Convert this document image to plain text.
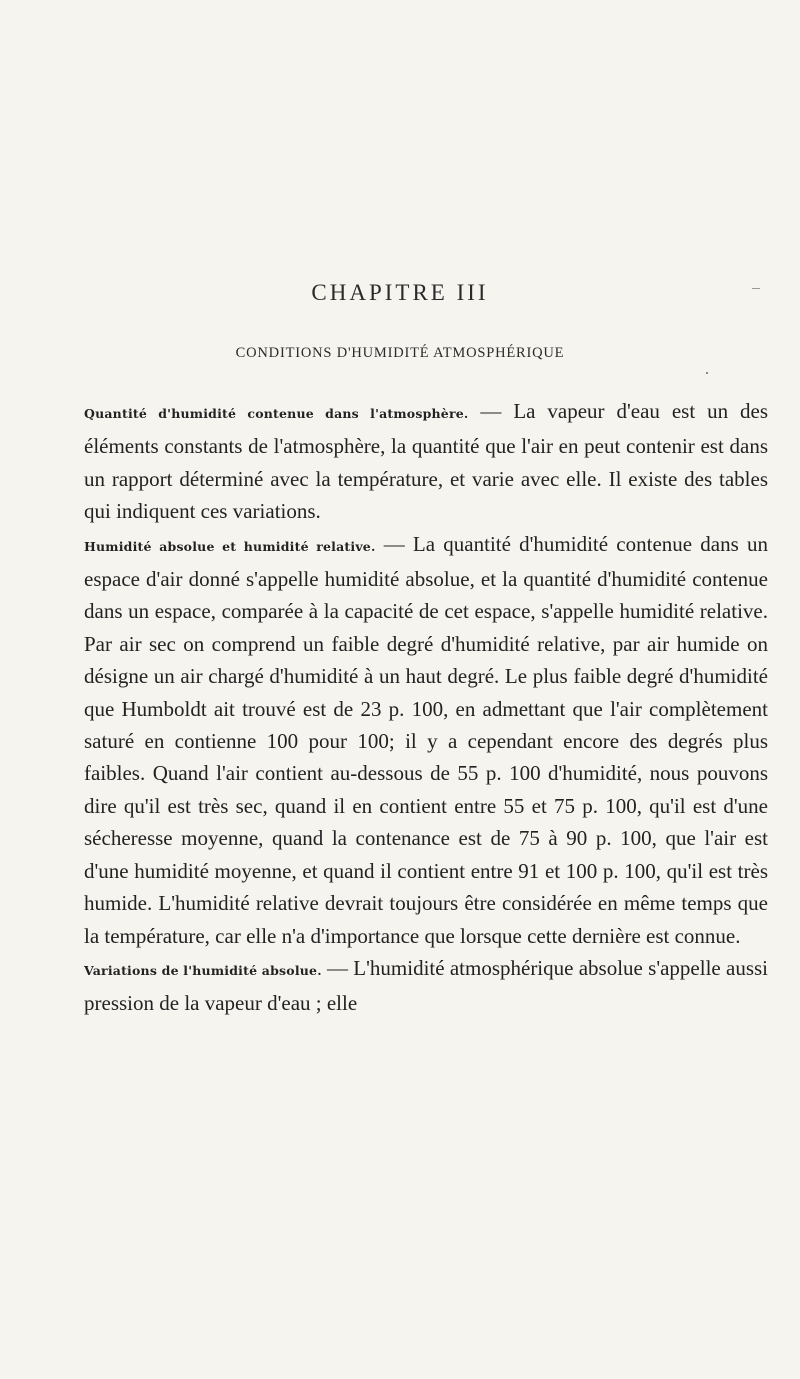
CHAPITRE III
CONDITIONS D'HUMIDITÉ ATMOSPHÉRIQUE

Quantité d'humidité contenue dans l'atmosphère. — La vapeur d'eau est un des éléments constants de l'atmosphère, la quantité que l'air en peut contenir est dans un rapport déterminé avec la température, et varie avec elle. Il existe des tables qui indiquent ces variations.

Humidité absolue et humidité relative. — La quantité d'humidité contenue dans un espace d'air donné s'appelle humidité absolue, et la quantité d'humidité contenue dans un espace, comparée à la capacité de cet espace, s'appelle humidité relative. Par air sec on comprend un faible degré d'humidité relative, par air humide on désigne un air chargé d'humidité à un haut degré. Le plus faible degré d'humidité que Humboldt ait trouvé est de 23 p. 100, en admettant que l'air complètement saturé en contienne 100 pour 100; il y a cependant encore des degrés plus faibles. Quand l'air contient au-dessous de 55 p. 100 d'humidité, nous pouvons dire qu'il est très sec, quand il en contient entre 55 et 75 p. 100, qu'il est d'une sécheresse moyenne, quand la contenance est de 75 à 90 p. 100, que l'air est d'une humidité moyenne, et quand il contient entre 91 et 100 p. 100, qu'il est très humide. L'humidité relative devrait toujours être considérée en même temps que la température, car elle n'a d'importance que lorsque cette dernière est connue.

Variations de l'humidité absolue. — L'humidité atmosphérique absolue s'appelle aussi pression de la vapeur d'eau ; elle
